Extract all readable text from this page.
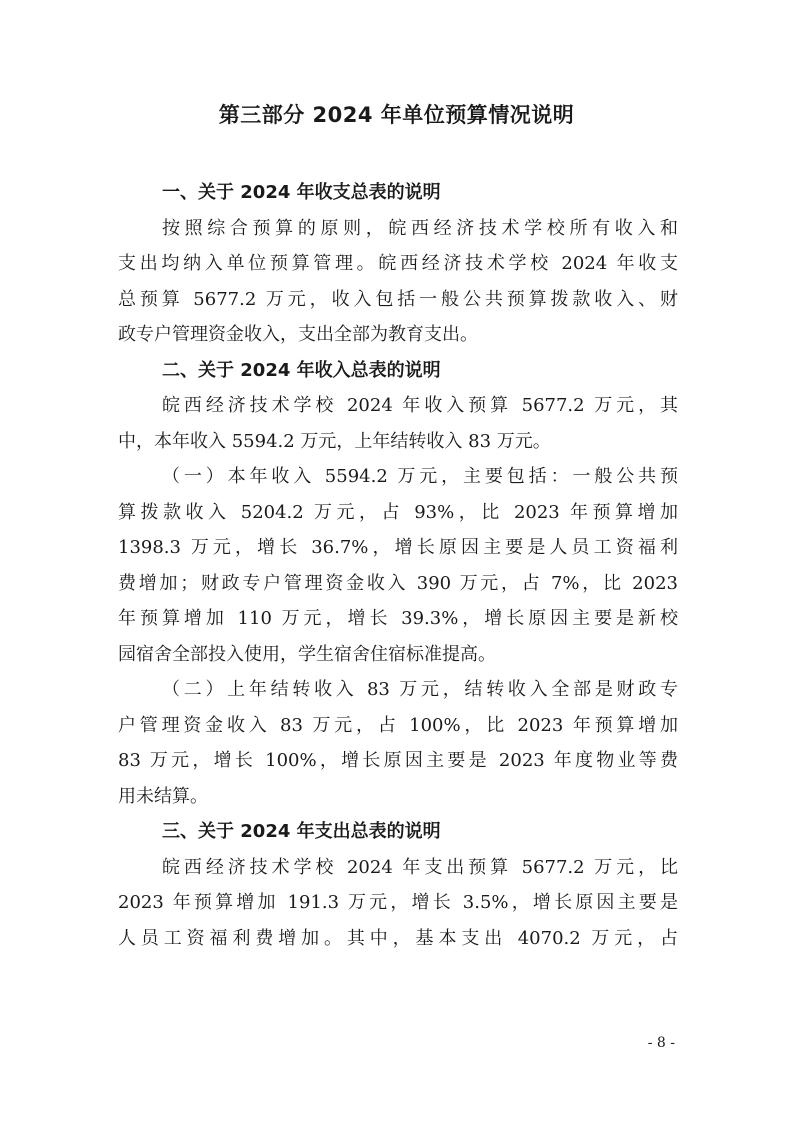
第三部分 2024 年单位预算情况说明
一、关于 2024 年收支总表的说明
按照综合预算的原则，皖西经济技术学校所有收入和
支出均纳入单位预算管理。皖西经济技术学校 2024 年收支
总预算 5677.2 万元，收入包括一般公共预算拨款收入、财
政专户管理资金收入，支出全部为教育支出。
二、关于 2024 年收入总表的说明
皖西经济技术学校 2024 年收入预算 5677.2 万元，其
中，本年收入 5594.2 万元，上年结转收入 83 万元。
（一）本年收入 5594.2 万元，主要包括：一般公共预
算拨款收入 5204.2 万元，占 93%，比 2023 年预算增加
1398.3 万元，增长 36.7%，增长原因主要是人员工资福利
费增加；财政专户管理资金收入 390 万元，占 7%，比 2023
年预算增加 110 万元，增长 39.3%，增长原因主要是新校
园宿舍全部投入使用，学生宿舍住宿标准提高。
（二）上年结转收入 83 万元，结转收入全部是财政专
户管理资金收入 83 万元，占 100%，比 2023 年预算增加
83 万元，增长 100%，增长原因主要是 2023 年度物业等费
用未结算。
三、关于 2024 年支出总表的说明
皖西经济技术学校 2024 年支出预算 5677.2 万元，比
2023 年预算增加 191.3 万元，增长 3.5%，增长原因主要是
人员工资福利费增加。其中，基本支出 4070.2 万元，占
- 8 -
